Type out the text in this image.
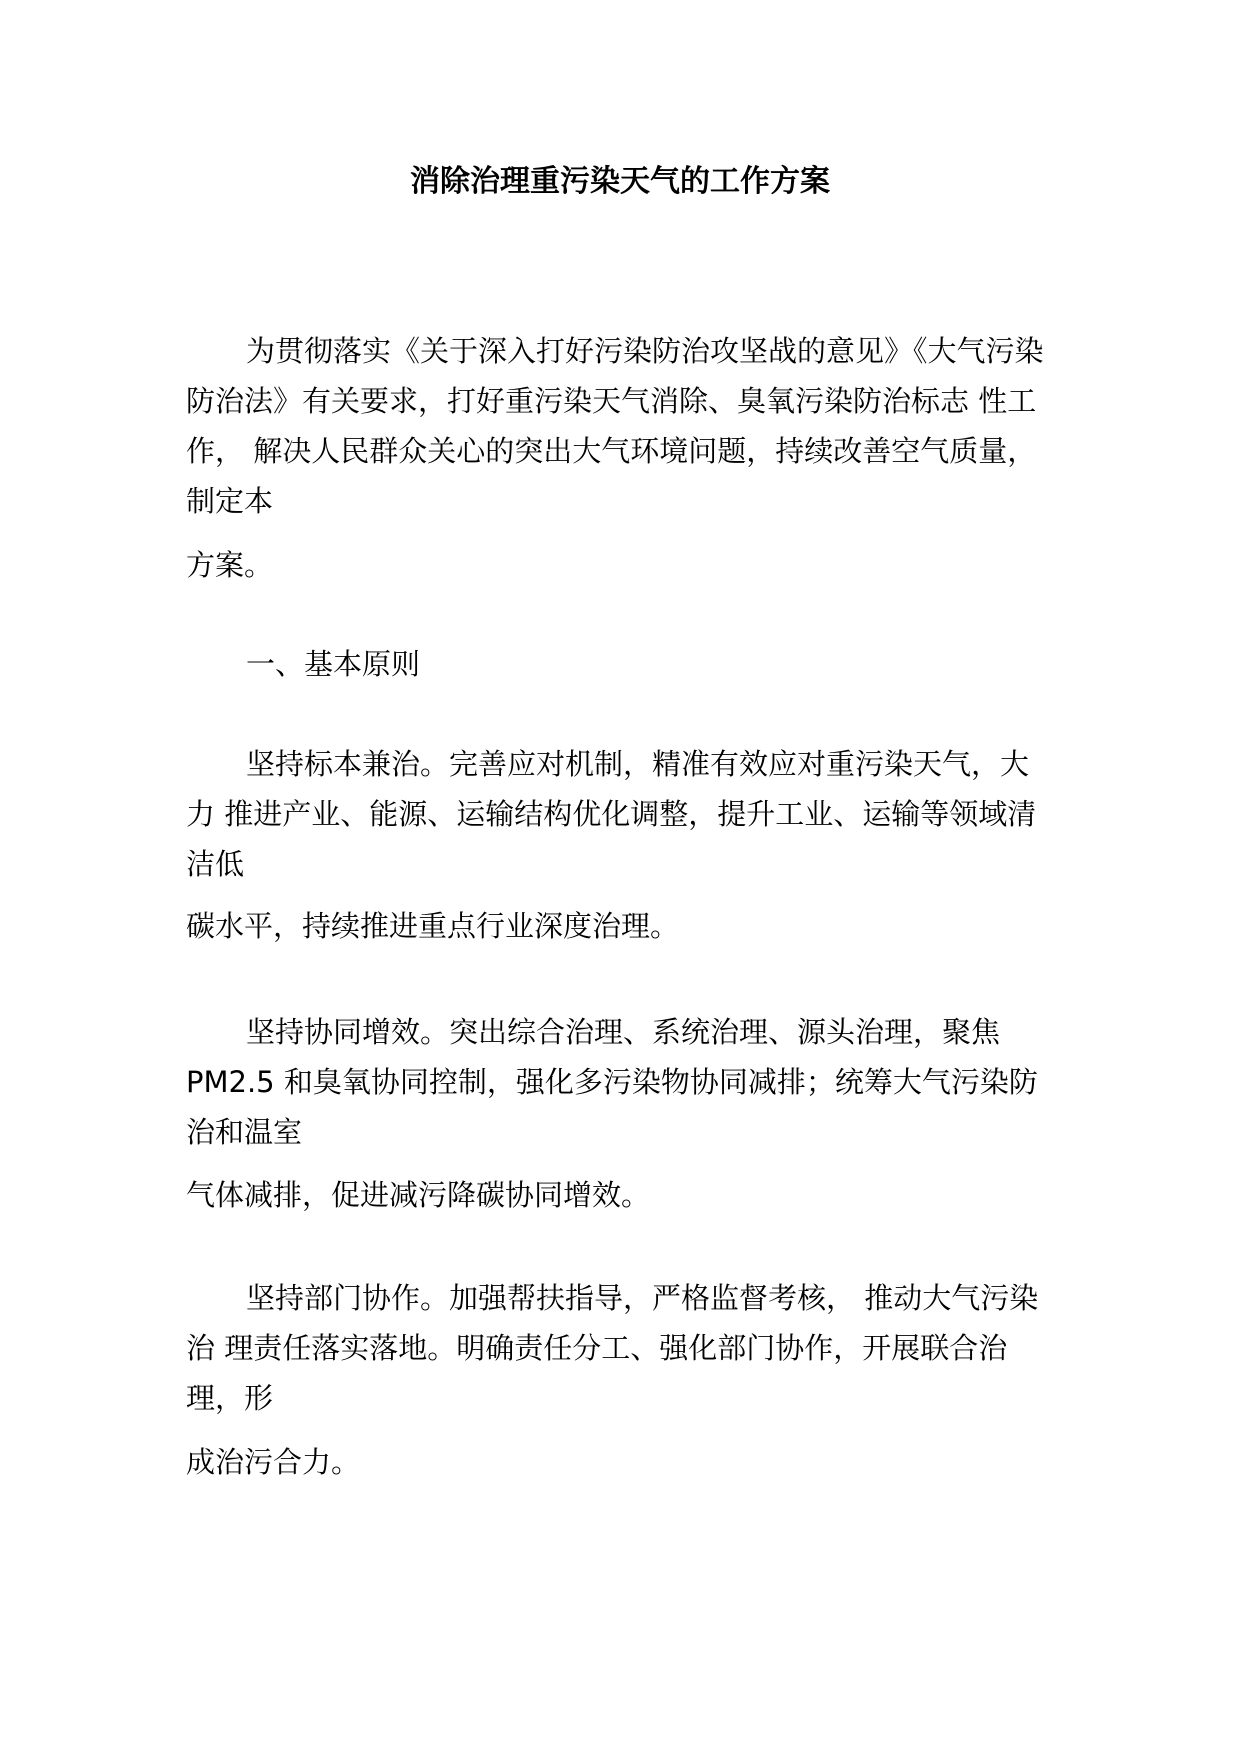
消除治理重污染天气的工作方案
为贯彻落实《关于深入打好污染防治攻坚战的意见》《大气污染
防治法》有关要求，打好重污染天气消除、臭氧污染防治标志 性工
作， 解决人民群众关心的突出大气环境问题，持续改善空气质量，
制定本
方案。
一、基本原则
坚持标本兼治。完善应对机制，精准有效应对重污染天气，大
力 推进产业、能源、运输结构优化调整，提升工业、运输等领域清
洁低
碳水平，持续推进重点行业深度治理。
坚持协同增效。突出综合治理、系统治理、源头治理，聚焦
PM2.5 和臭氧协同控制，强化多污染物协同减排；统筹大气污染防
治和温室
气体减排，促进减污降碳协同增效。
坚持部门协作。加强帮扶指导，严格监督考核， 推动大气污染
治 理责任落实落地。明确责任分工、强化部门协作，开展联合治
理，形
成治污合力。
